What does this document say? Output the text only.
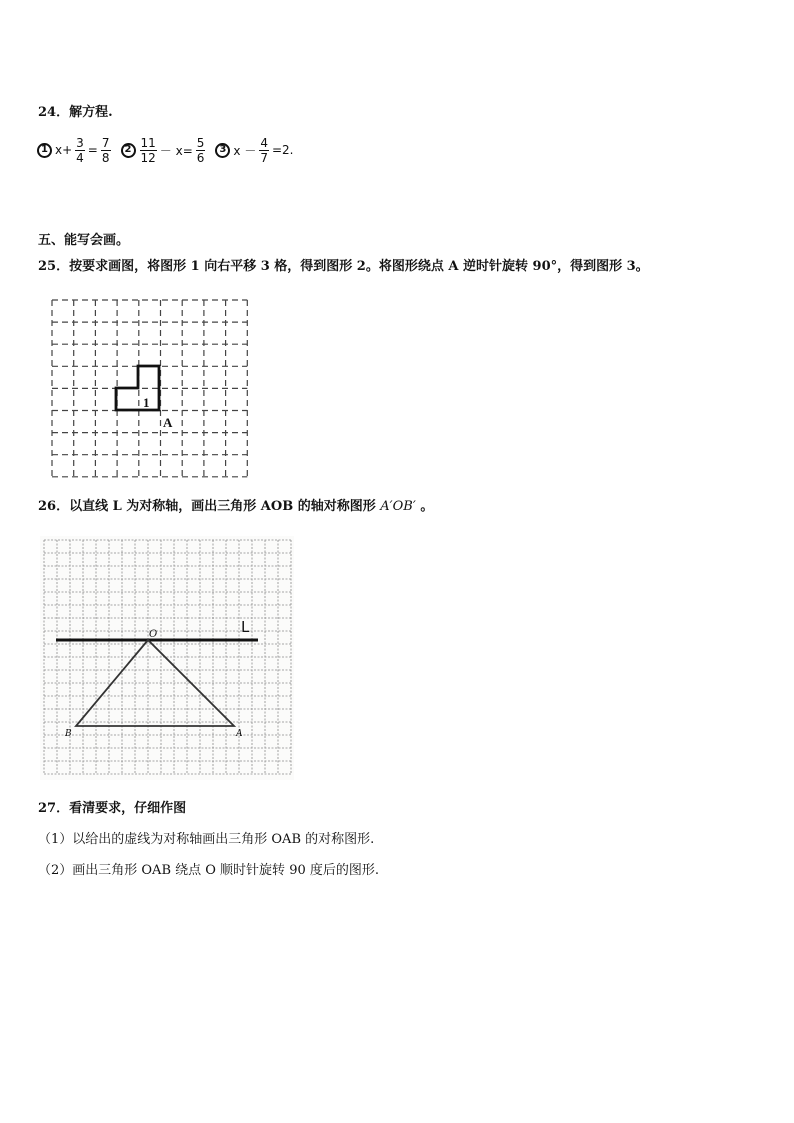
24．解方程.
1 $x+ \frac{3}{4} = \frac{7}{8}$	$2 \frac{11}{12} - x= \frac{5}{6}$	3 $x - \frac{4}{7} =2$.
五、能写会画。
25．按要求画图，将图形 1 向右平移 3 格，得到图形 2。将图形绕点 A 逆时针旋转 90°，得到图形 3。
1
A
26．以直线 L 为对称轴，画出三角形 AOB 的轴对称图形 A′OB′ 。
L
O
B	A
27．看清要求，仔细作图
（1）以给出的虚线为对称轴画出三角形 OAB 的对称图形.
（2）画出三角形 OAB 绕点 O 顺时针旋转 90 度后的图形.
